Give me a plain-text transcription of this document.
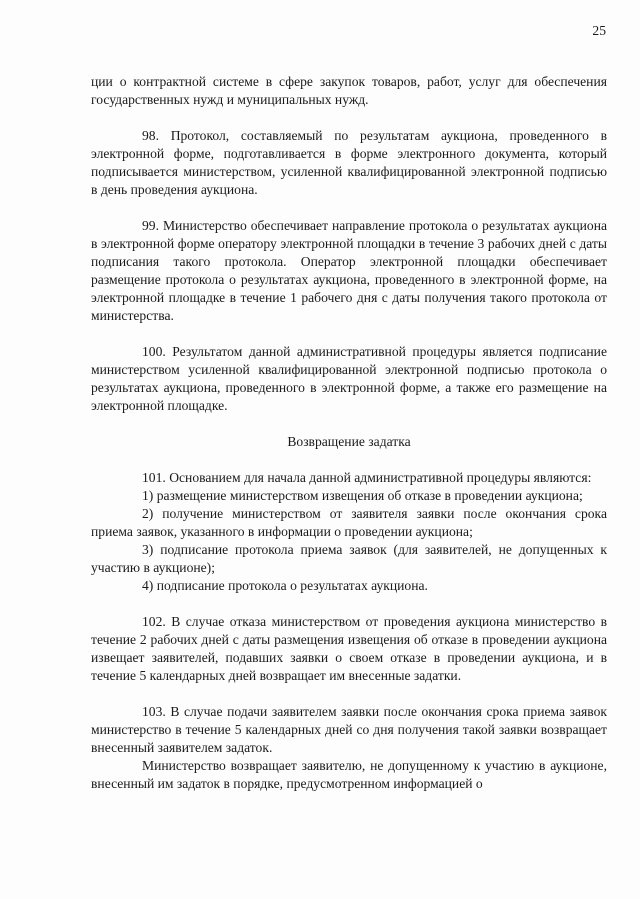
25

ции о контрактной системе в сфере закупок товаров, работ, услуг для обеспечения государственных нужд и муниципальных нужд.

98. Протокол, составляемый по результатам аукциона, проведенного в электронной форме, подготавливается в форме электронного документа, который подписывается министерством, усиленной квалифицированной электронной подписью в день проведения аукциона.

99. Министерство обеспечивает направление протокола о результатах аукциона в электронной форме оператору электронной площадки в течение 3 рабочих дней с даты подписания такого протокола. Оператор электронной площадки обеспечивает размещение протокола о результатах аукциона, проведенного в электронной форме, на электронной площадке в течение 1 рабочего дня с даты получения такого протокола от министерства.

100. Результатом данной административной процедуры является подписание министерством усиленной квалифицированной электронной подписью протокола о результатах аукциона, проведенного в электронной форме, а также его размещение на электронной площадке.

Возвращение задатка

101. Основанием для начала данной административной процедуры являются:

1) размещение министерством извещения об отказе в проведении аукциона;

2) получение министерством от заявителя заявки после окончания срока приема заявок, указанного в информации о проведении аукциона;

3) подписание протокола приема заявок (для заявителей, не допущенных к участию в аукционе);

4) подписание протокола о результатах аукциона.

102. В случае отказа министерством от проведения аукциона министерство в течение 2 рабочих дней с даты размещения извещения об отказе в проведении аукциона извещает заявителей, подавших заявки о своем отказе в проведении аукциона, и в течение 5 календарных дней возвращает им внесенные задатки.

103. В случае подачи заявителем заявки после окончания срока приема заявок министерство в течение 5 календарных дней со дня получения такой заявки возвращает внесенный заявителем задаток.

Министерство возвращает заявителю, не допущенному к участию в аукционе, внесенный им задаток в порядке, предусмотренном информацией о
